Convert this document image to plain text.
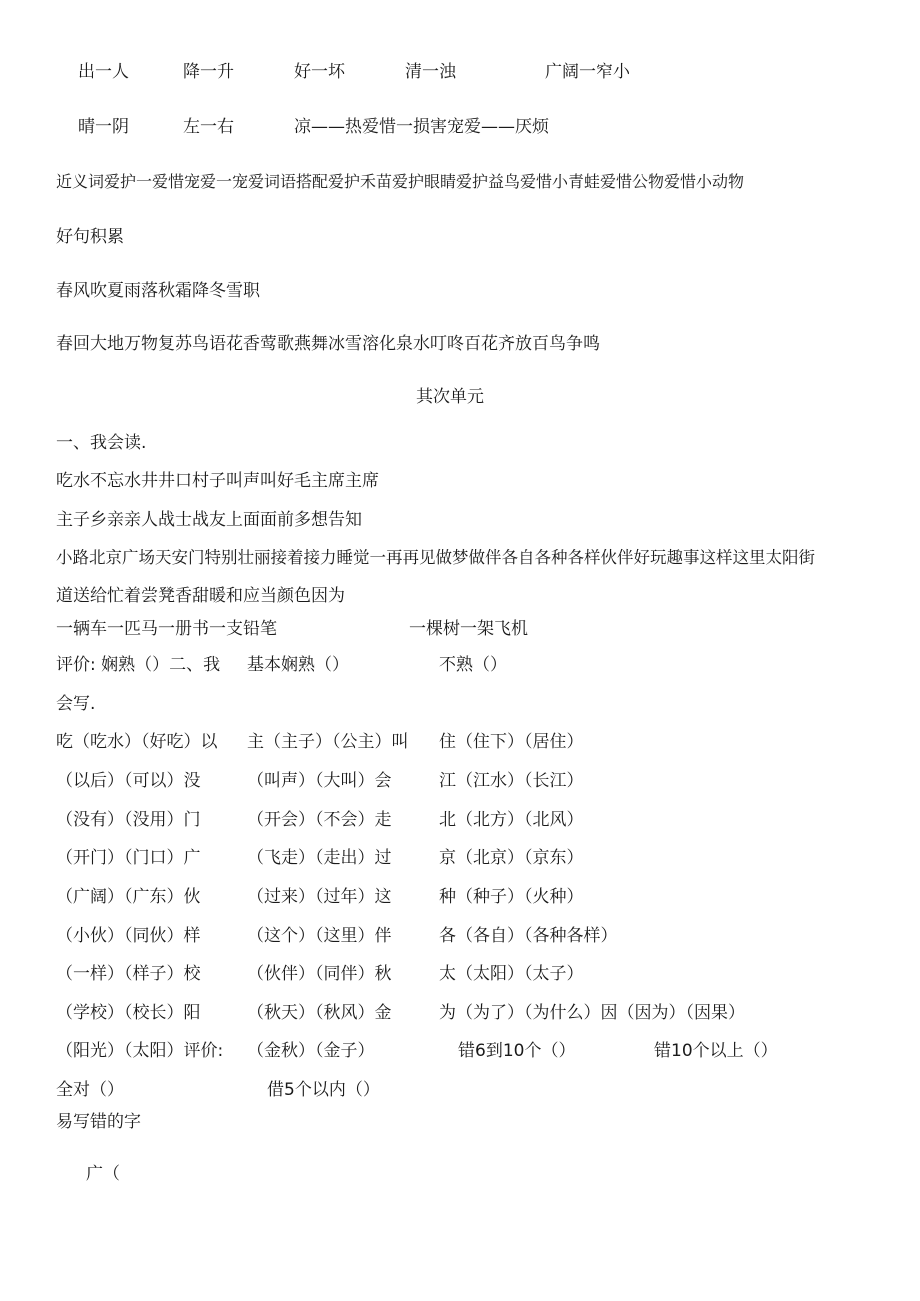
出一人	降一升	好一坏	清一浊	广阔一窄小
晴一阴	左一右	凉——热爱惜一损害宠爱——厌烦
近义词爱护一爱惜宠爱一宠爱词语搭配爱护禾苗爱护眼睛爱护益鸟爱惜小青蛙爱惜公物爱惜小动物
好句积累
春风吹夏雨落秋霜降冬雪职
春回大地万物复苏鸟语花香莺歌燕舞冰雪溶化泉水叮咚百花齐放百鸟争鸣
其次单元
一、我会读.
吃水不忘水井井口村子叫声叫好毛主席主席
主子乡亲亲人战士战友上面面前多想告知
小路北京广场天安门特别壮丽接着接力睡觉一再再见做梦做伴各自各种各样伙伴好玩趣事这样这里太阳街
道送给忙着尝凳香甜暖和应当颜色因为
一辆车一匹马一册书一支铅笔	一棵树一架飞机
评价: 娴熟（）二、我 基本娴熟（）	不熟（）
会写.
吃（吃水）（好吃）以 主（主子）（公主）叫 住（住下）（居住）
（以后）（可以）没	（叫声）（大叫）会	江（江水）（长江）
（没有）（没用）门	（开会）（不会）走	北（北方）（北风）
（开门）（门口）广	（飞走）（走出）过	京（北京）（京东）
（广阔）（广东）伙	（过来）（过年）这	种（种子）（火种）
（小伙）（同伙）样	（这个）（这里）伴	各（各自）（各种各样）
（一样）（样子）校	（伙伴）（同伴）秋	太（太阳）（太子）
（学校）（校长）阳	（秋天）（秋风）金	为（为了）（为什么）因（因为）（因果）
（阳光）（太阳）评价: （金秋）（金子）	错6到10个（）	错10个以上（）
全对（）	借5个以内（）
易写错的字
广（
